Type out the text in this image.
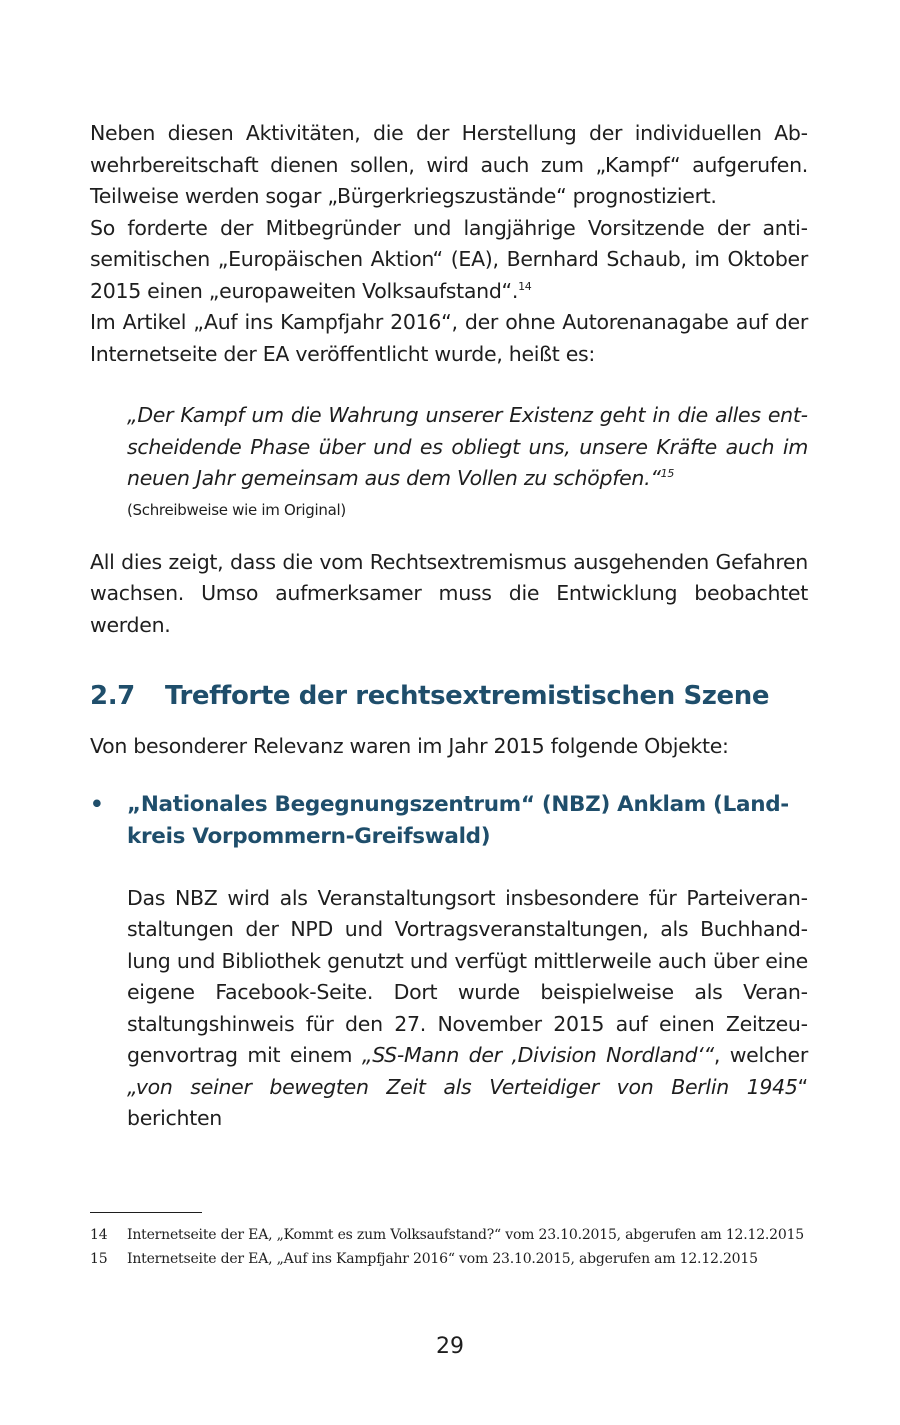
Neben diesen Aktivitäten, die der Herstellung der individuellen Abwehrbereitschaft dienen sollen, wird auch zum „Kampf“ aufgerufen. Teilweise werden sogar „Bürgerkriegszustände“ prognostiziert.

So forderte der Mitbegründer und langjährige Vorsitzende der antisemitischen „Europäischen Aktion“ (EA), Bernhard Schaub, im Oktober 2015 einen „europaweiten Volksaufstand“.$^{14}$

Im Artikel „Auf ins Kampfjahr 2016“, der ohne Autorenanagabe auf der Internetseite der EA veröffentlicht wurde, heißt es:

„Der Kampf um die Wahrung unserer Existenz geht in die alles entscheidende Phase über und es obliegt uns, unsere Kräfte auch im neuen Jahr gemeinsam aus dem Vollen zu schöpfen.“$^{15}$

(Schreibweise wie im Original)

All dies zeigt, dass die vom Rechtsextremismus ausgehenden Gefahren wachsen. Umso aufmerksamer muss die Entwicklung beobachtet werden.

2.7 Trefforte der rechtsextremistischen Szene

Von besonderer Relevanz waren im Jahr 2015 folgende Objekte:

• „Nationales Begegnungszentrum“ (NBZ) Anklam (Landkreis Vorpommern-Greifswald)

Das NBZ wird als Veranstaltungsort insbesondere für Parteiveranstaltungen der NPD und Vortragsveranstaltungen, als Buchhandlung und Bibliothek genutzt und verfügt mittlerweile auch über eine eigene Facebook-Seite. Dort wurde beispielweise als Veranstaltungshinweis für den 27. November 2015 auf einen Zeitzeugenvortrag mit einem „SS-Mann der ‚Division Nordland‘“, welcher „von seiner bewegten Zeit als Verteidiger von Berlin 1945“ berichten

14	Internetseite der EA, „Kommt es zum Volksaufstand?“ vom 23.10.2015, abgerufen am 12.12.2015
15	Internetseite der EA, „Auf ins Kampfjahr 2016“ vom 23.10.2015, abgerufen am 12.12.2015
29
